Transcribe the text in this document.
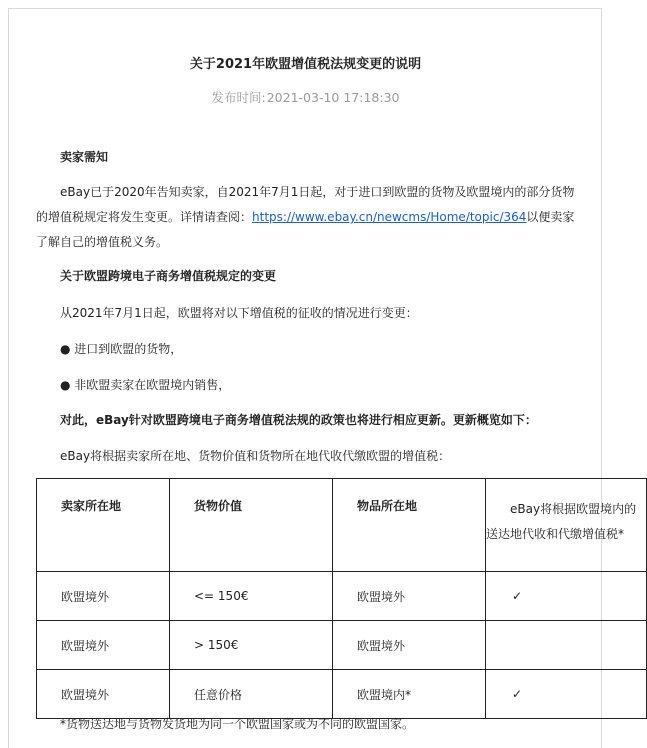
关于2021年欧盟增值税法规变更的说明
发布时间:2021-03-10 17:18:30
卖家需知
eBay已于2020年告知卖家，自2021年7月1日起，对于进口到欧盟的货物及欧盟境内的部分货物的增值税规定将发生变更。详情请查阅：https://www.ebay.cn/newcms/Home/topic/364以便卖家了解自己的增值税义务。
关于欧盟跨境电子商务增值税规定的变更
从2021年7月1日起，欧盟将对以下增值税的征收的情况进行变更：
● 进口到欧盟的货物，
● 非欧盟卖家在欧盟境内销售，
对此，eBay针对欧盟跨境电子商务增值税法规的政策也将进行相应更新。更新概览如下：
eBay将根据卖家所在地、货物价值和货物所在地代收代缴欧盟的增值税：
卖家所在地	货物价值	物品所在地	eBay将根据欧盟境内的
送达地代收和代缴增值税*

欧盟境外	<= 150€	欧盟境外	✓
欧盟境外	> 150€	欧盟境外	
欧盟境外	任意价格	欧盟境内*	✓
*货物送达地与货物发货地为同一个欧盟国家或为不同的欧盟国家。
